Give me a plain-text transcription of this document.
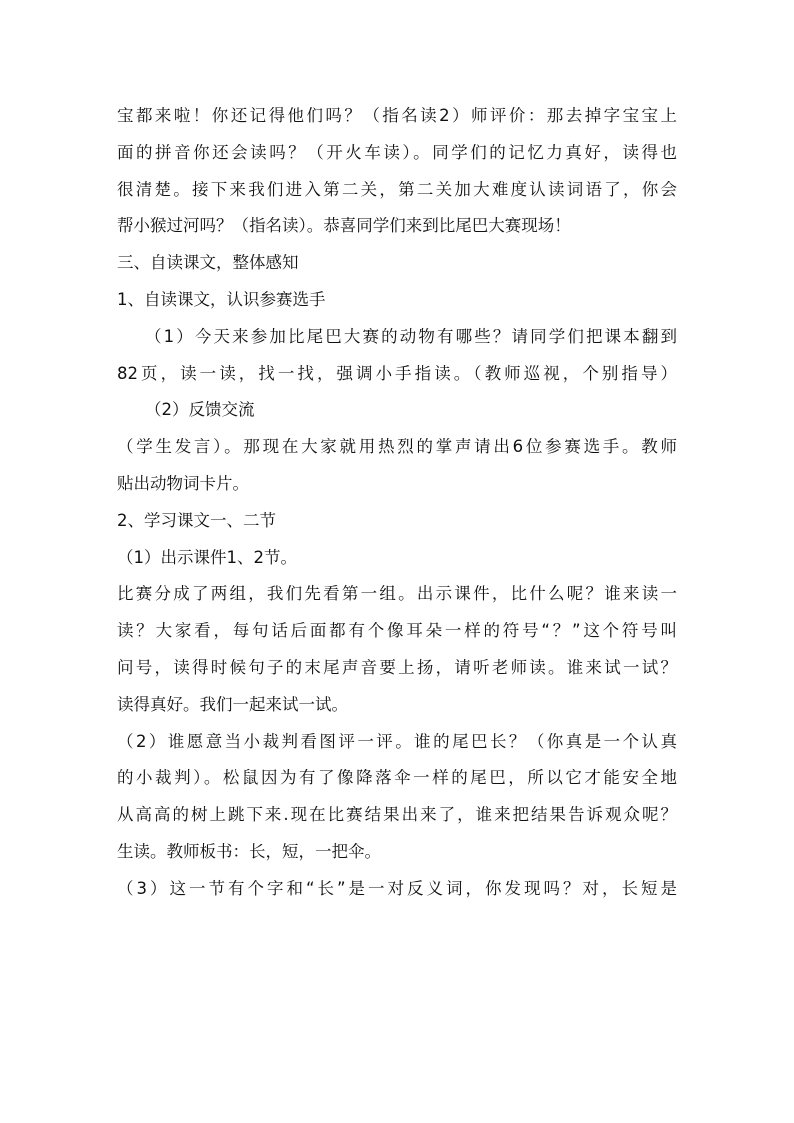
宝都来啦！你还记得他们吗？（指名读2）师评价：那去掉字宝宝上
面的拼音你还会读吗？（开火车读）。同学们的记忆力真好，读得也
很清楚。接下来我们进入第二关，第二关加大难度认读词语了，你会
帮小猴过河吗？（指名读）。恭喜同学们来到比尾巴大赛现场！
三、自读课文，整体感知
1、自读课文，认识参赛选手
（1）今天来参加比尾巴大赛的动物有哪些？请同学们把课本翻到
82页，读一读，找一找，强调小手指读。（教师巡视，个别指导）
（2）反馈交流
（学生发言）。那现在大家就用热烈的掌声请出6位参赛选手。教师
贴出动物词卡片。
2、学习课文一、二节
（1）出示课件1、2节。
比赛分成了两组，我们先看第一组。出示课件，比什么呢？谁来读一
读？大家看，每句话后面都有个像耳朵一样的符号“？”这个符号叫
问号，读得时候句子的末尾声音要上扬，请听老师读。谁来试一试？
读得真好。我们一起来试一试。
（2）谁愿意当小裁判看图评一评。谁的尾巴长？（你真是一个认真
的小裁判）。松鼠因为有了像降落伞一样的尾巴，所以它才能安全地
从高高的树上跳下来.现在比赛结果出来了，谁来把结果告诉观众呢？
生读。教师板书：长，短，一把伞。
（3）这一节有个字和“长”是一对反义词，你发现吗？对，长短是
